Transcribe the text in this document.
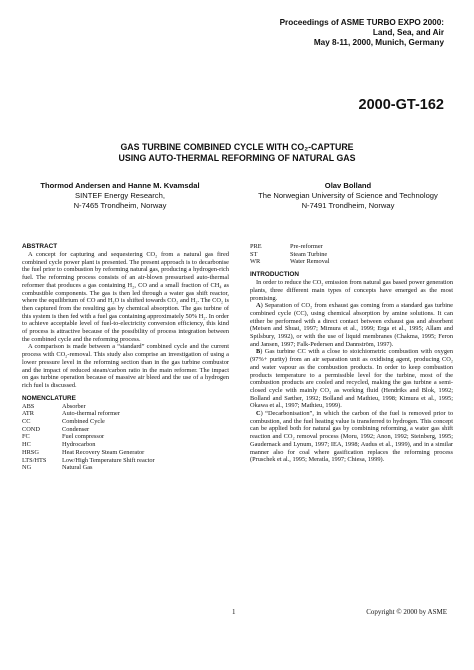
Proceedings of ASME TURBO EXPO 2000:
Land, Sea, and Air
May 8-11, 2000, Munich, Germany
2000-GT-162
GAS TURBINE COMBINED CYCLE WITH CO₂-CAPTURE
USING AUTO-THERMAL REFORMING OF NATURAL GAS
Thormod Andersen and Hanne M. Kvamsdal
SINTEF Energy Research,
N-7465 Trondheim, Norway
Olav Bolland
The Norwegian University of Science and Technology
N-7491 Trondheim, Norway
ABSTRACT

A concept for capturing and sequestering CO₂ from a natural gas fired combined cycle power plant is presented. The present approach is to decarbonise the fuel prior to combustion by reforming natural gas, producing a hydrogen-rich fuel. The reforming process consists of an air-blown pressurised auto-thermal reformer that produces a gas containing H₂, CO and a small fraction of CH₄ as combustible components. The gas is then led through a water gas shift reactor, where the equilibrium of CO and H₂O is shifted towards CO₂ and H₂. The CO₂ is then captured from the resulting gas by chemical absorption. The gas turbine of this system is then fed with a fuel gas containing approximately 50% H₂. In order to achieve acceptable level of fuel-to-electricity conversion efficiency, this kind of process is attractive because of the possibility of process integration between the combined cycle and the reforming process.

A comparison is made between a “standard” combined cycle and the current process with CO₂-removal. This study also comprise an investigation of using a lower pressure level in the reforming section than in the gas turbine combustor and the impact of reduced steam/carbon ratio in the main reformer. The impact on gas turbine operation because of massive air bleed and the use of a hydrogen rich fuel is discussed.

NOMENCLATURE
ABS	Absorber
ATR	Auto-thermal reformer
CC	Combined Cycle
COND	Condenser
FC	Fuel compressor
HC	Hydrocarbon
HRSG	Heat Recovery Steam Generator
LTS/HTS	Low/High Temperature Shift reactor
NG	Natural Gas
PRE	Pre-reformer
ST	Steam Turbine
WR	Water Removal
INTRODUCTION

In order to reduce the CO₂ emission from natural gas based power generation plants, three different main types of concepts have emerged as the most promising.

A) Separation of CO₂ from exhaust gas coming from a standard gas turbine combined cycle (CC), using chemical absorption by amine solutions. It can either be performed with a direct contact between exhaust gas and absorbent (Meisen and Shuai, 1997; Mimura et al., 1999; Erga et al., 1995; Allam and Spilsbury, 1992), or with the use of liquid membranes (Chakma, 1995; Feron and Jansen, 1997; Falk-Pedersen and Dannström, 1997).

B) Gas turbine CC with a close to stoichiometric combustion with oxygen (97%+ purity) from an air separation unit as oxidising agent, producing CO₂ and water vapour as the combustion products. In order to keep combustion products temperature to a permissible level for the turbine, most of the combustion products are cooled and recycled, making the gas turbine a semi-closed cycle with mainly CO₂ as working fluid (Hendriks and Blok, 1992; Bolland and Sæther, 1992; Bolland and Mathieu, 1998; Kimura et al., 1995; Okawa et al., 1997; Mathieu, 1999).

C) “Decarbonisation”, in which the carbon of the fuel is removed prior to combustion, and the fuel heating value is transferred to hydrogen. This concept can be applied both for natural gas by combining reforming, a water gas shift reaction and CO₂ removal process (Moru, 1992; Anon, 1992; Steinberg, 1995; Gaudernack and Lynum, 1997; IEA, 1998; Audus et al., 1999), and in a similar manner also for coal where gasification replaces the reforming process (Pruschek et al., 1995; Meratla, 1997; Chiesa, 1999).

1	Copyright © 2000 by ASME
